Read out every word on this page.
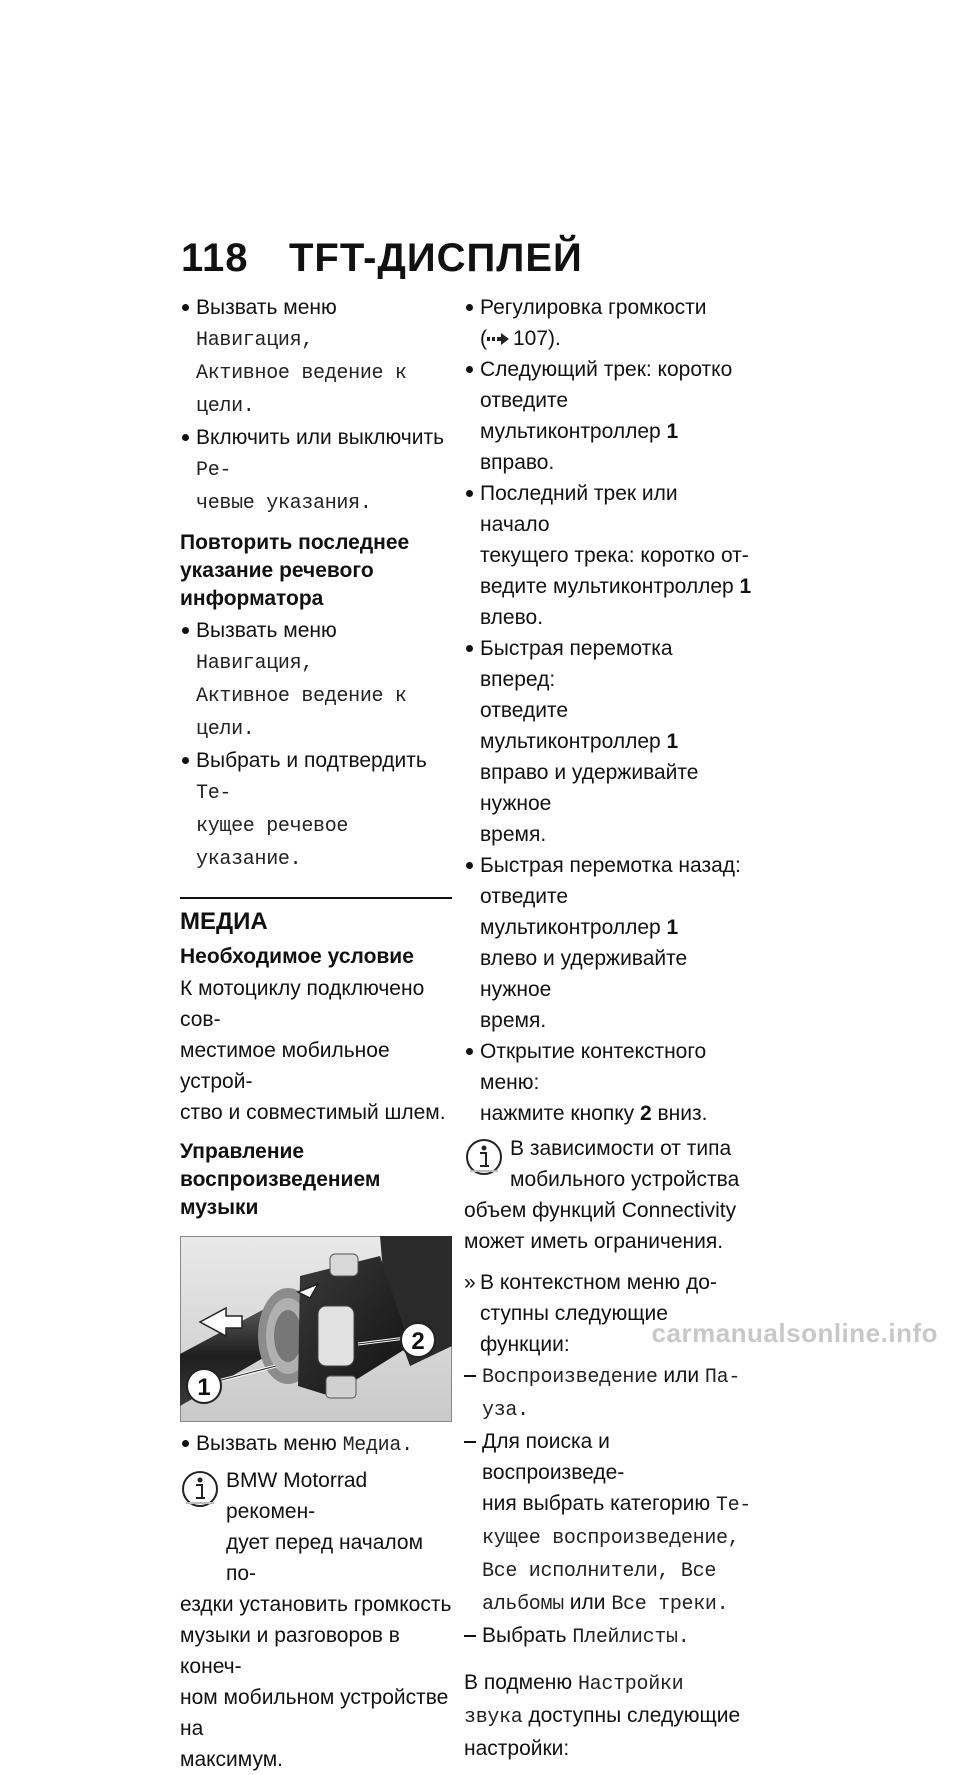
118 TFT-ДИСПЛЕЙ
Вызвать меню Навигация,
Активное ведение к цели.
Включить или выключить Ре-
чевые указания.
Повторить последнее
указание речевого
информатора
Вызвать меню Навигация,
Активное ведение к цели.
Выбрать и подтвердить Те-
кущее речевое указание.
МЕДИА
Необходимое условие
К мотоциклу подключено сов-
местимое мобильное устрой-
ство и совместимый шлем.
Управление
воспроизведением музыки
1
2
Вызвать меню Медиа.
BMW Motorrad рекомен-
дует перед началом по-

ездки установить громкость
музыки и разговоров в конеч-
ном мобильном устройстве на
максимум.
Регулировка громкости
( 107).
Следующий трек: коротко
отведите мультиконтроллер 1
вправо.
Последний трек или начало
текущего трека: коротко от-
ведите мультиконтроллер 1
влево.
Быстрая перемотка вперед:
отведите мультиконтроллер 1
вправо и удерживайте нужное
время.
Быстрая перемотка назад:
отведите мультиконтроллер 1
влево и удерживайте нужное
время.
Открытие контекстного меню:
нажмите кнопку 2 вниз.
В зависимости от типа
мобильного устройства

объем функций Connectivity
может иметь ограничения.
» В контекстном меню до-
ступны следующие функции:
Воспроизведение или Па-
уза.
Для поиска и воспроизведе-
ния выбрать категорию Те-
кущее воспроизведение,
Все исполнители, Все
альбомы или Все треки.
Выбрать Плейлисты.
В подменю Настройки
звука доступны следующие
настройки:
carmanualsonline.info
